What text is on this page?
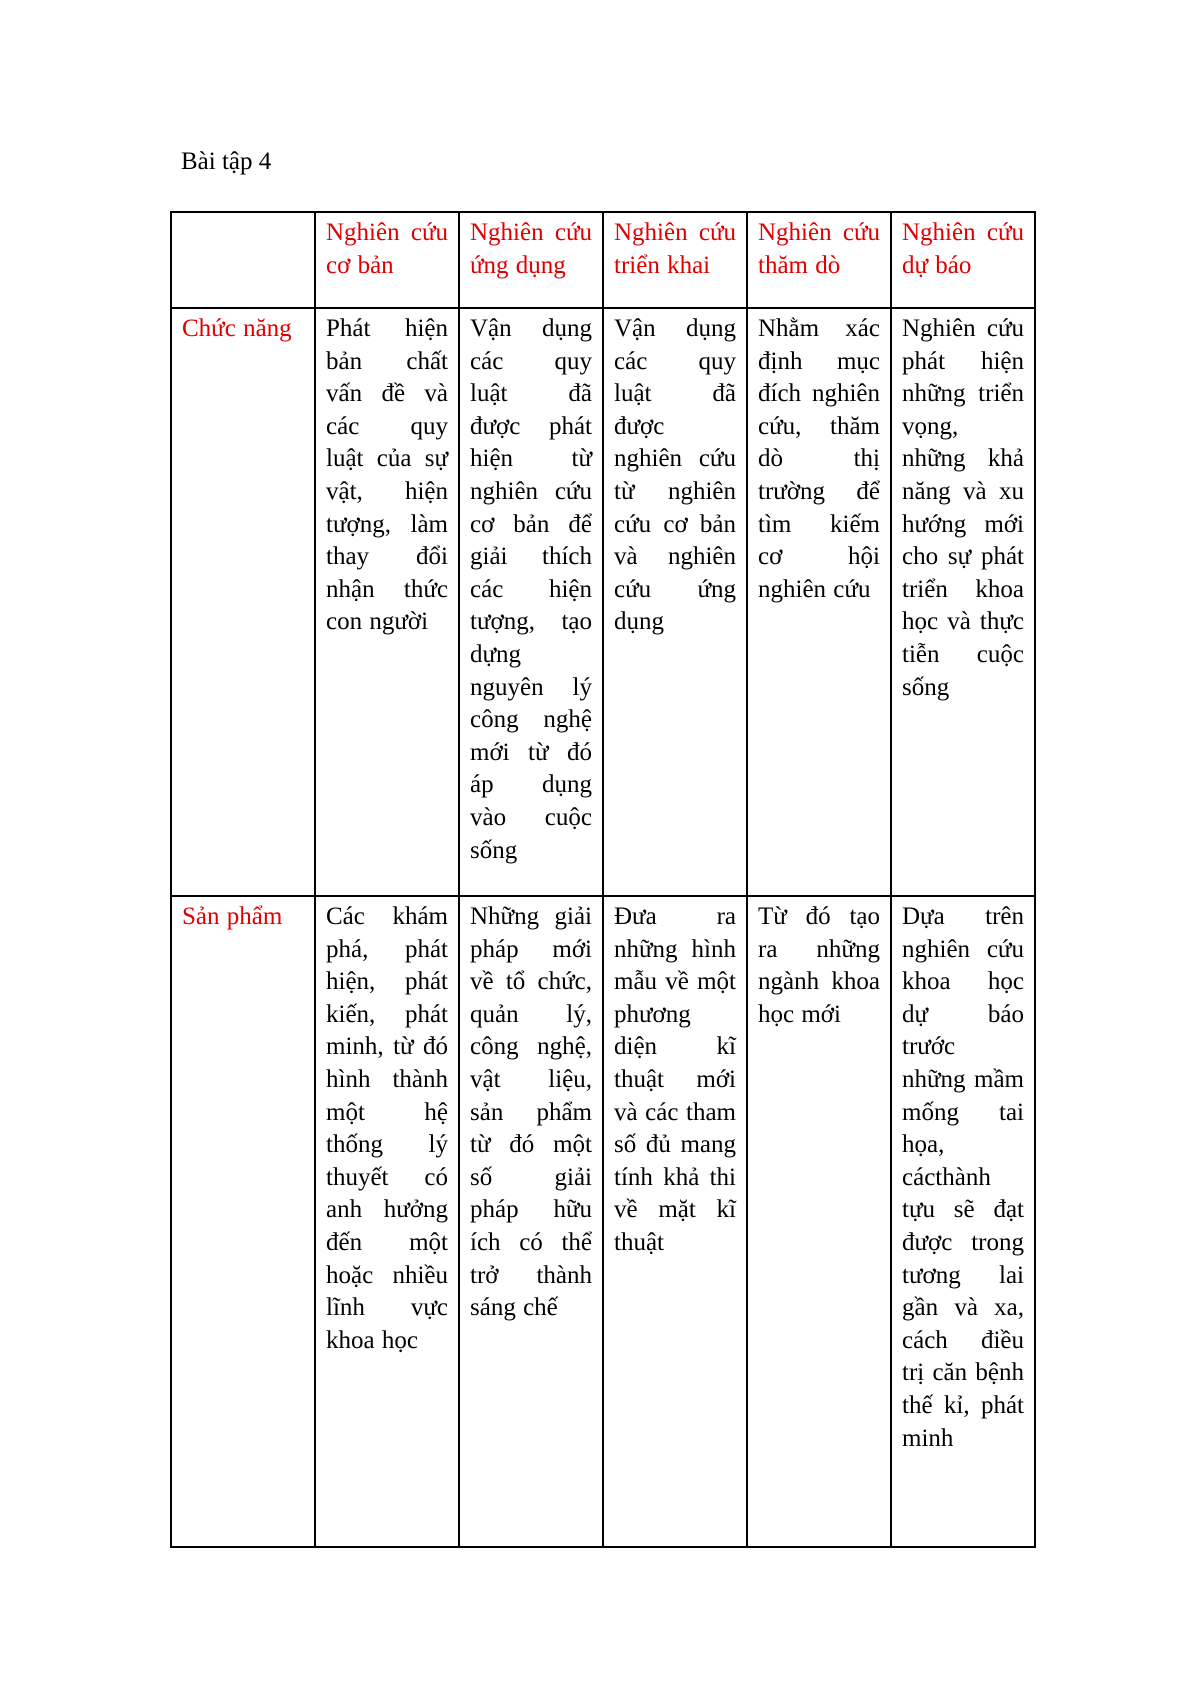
Bài tập 4

	Nghiên cứu cơ bản	Nghiên cứu ứng dụng	Nghiên cứu triển khai	Nghiên cứu thăm dò	Nghiên cứu dự báo

Chức năng	Phát hiện bản chất vấn đề và các quy luật của sự vật, hiện tượng, làm thay đổi nhận thức con người	Vận dụng các quy luật đã được phát hiện từ nghiên cứu cơ bản để giải thích các hiện tượng, tạo dựng nguyên lý công nghệ mới từ đó áp dụng vào cuộc sống	Vận dụng các quy luật đã được nghiên cứu từ nghiên cứu cơ bản và nghiên cứu ứng dụng	Nhằm xác định mục đích nghiên cứu, thăm dò thị trường để tìm kiếm cơ hội nghiên cứu	Nghiên cứu phát hiện những triển vọng, những khả năng và xu hướng mới cho sự phát triển khoa học và thực tiễn cuộc sống
Sản phẩm	Các khám phá, phát hiện, phát kiến, phát minh, từ đó hình thành một hệ thống lý thuyết có anh hưởng đến một hoặc nhiều lĩnh vực khoa học	Những giải pháp mới về tổ chức, quản lý, công nghệ, vật liệu, sản phẩm từ đó một số giải pháp hữu ích có thể trở thành sáng chế	Đưa ra những hình mẫu về một phương diện kĩ thuật mới và các tham số đủ mang tính khả thi về mặt kĩ thuật	Từ đó tạo ra những ngành khoa học mới	Dựa trên nghiên cứu khoa học dự báo trước những mầm mống tai họa, cácthành tựu sẽ đạt được trong tương lai gần và xa, cách điều trị căn bệnh thế kỉ, phát minh
